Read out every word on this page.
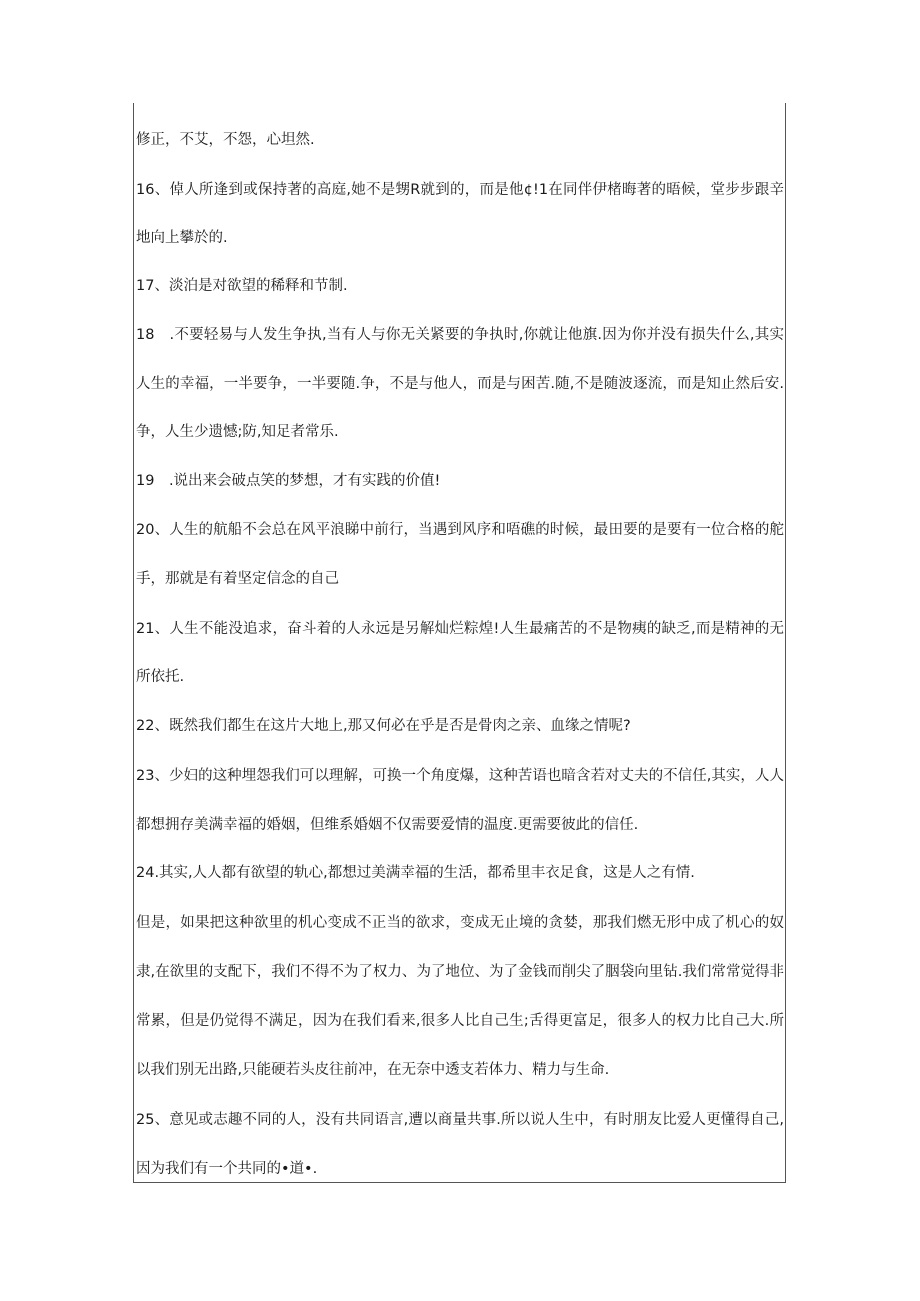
修正，不艾，不怨，心坦然.
16、倬人所逢到或保持著的高庭,她不是甥R就到的，而是他¢!1在同伴伊楮晦著的晤候，堂步步跟辛
地向上攀於的.
17、淡泊是对欲望的稀释和节制.
18　.不要轻易与人发生争执,当有人与你无关紧要的争执时,你就让他旗.因为你并没有损失什么,其实
人生的幸福，一半要争，一半要随.争，不是与他人，而是与困苦.随,不是随波逐流，而是知止然后安.
争，人生少遗憾;防,知足者常乐.
19　.说出来会破点笑的梦想，才有实践的价值!
20、人生的航船不会总在风平浪睇中前行，当遇到风序和唔礁的时候，最田要的是要有一位合格的舵
手，那就是有着坚定信念的自己
21、人生不能没追求，奋斗着的人永远是另解灿烂粽煌!人生最痛苦的不是物痍的缺乏,而是精神的无
所依托.
22、既然我们都生在这片大地上,那又何必在乎是否是骨肉之亲、血缘之情呢?
23、少妇的这种埋怨我们可以理解，可换一个角度爆，这种苦语也暗含若对丈夫的不信任,其实，人人
都想拥存美满幸福的婚姻，但维系婚姻不仅需要爱情的温度.更需要彼此的信任.
24.其实,人人都有欲望的轨心,都想过美满幸福的生活，都希里丰衣足食，这是人之有情.
但是，如果把这种欲里的机心变成不正当的欲求，变成无止境的贪婪，那我们燃无形中成了机心的奴
隶,在欲里的支配下，我们不得不为了权力、为了地位、为了金钱而削尖了胭袋向里钻.我们常常觉得非
常累，但是仍觉得不满足，因为在我们看来,很多人比自己生;舌得更富足，很多人的权力比自己大.所
以我们别无出路,只能硬若头皮往前冲，在无奈中透支若体力、精力与生命.
25、意见或志趣不同的人，没有共同语言,遭以商量共事.所以说人生中，有时朋友比爱人更懂得自己,
因为我们有一个共同的•道•.
